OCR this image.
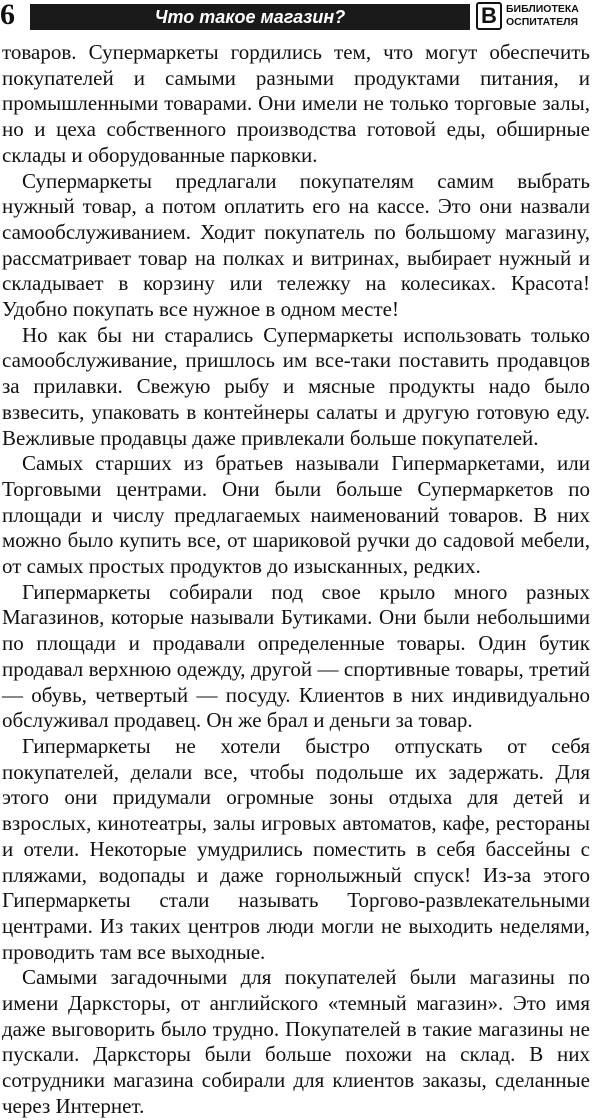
6	Что такое магазин?	B БИБЛИОТЕКА
ОСПИТАТЕЛЯ

товаров. Супермаркеты гордились тем, что могут обеспечить покупателей и самыми разными продуктами питания, и промышленными товарами. Они имели не только торговые залы, но и цеха собственного производства готовой еды, обширные склады и оборудованные парковки.

Супермаркеты предлагали покупателям самим выбрать нужный товар, а потом оплатить его на кассе. Это они назвали самообслуживанием. Ходит покупатель по большому магазину, рассматривает товар на полках и витринах, выбирает нужный и складывает в корзину или тележку на колесиках. Красота! Удобно покупать все нужное в одном месте!

Но как бы ни старались Супермаркеты использовать только самообслуживание, пришлось им все-таки поставить продавцов за прилавки. Свежую рыбу и мясные продукты надо было взвесить, упаковать в контейнеры салаты и другую готовую еду. Вежливые продавцы даже привлекали больше покупателей.

Самых старших из братьев называли Гипермаркетами, или Торговыми центрами. Они были больше Супермаркетов по площади и числу предлагаемых наименований товаров. В них можно было купить все, от шариковой ручки до садовой мебели, от самых простых продуктов до изысканных, редких.

Гипермаркеты собирали под свое крыло много разных Магазинов, которые называли Бутиками. Они были небольшими по площади и продавали определенные товары. Один бутик продавал верхнюю одежду, другой — спортивные товары, третий — обувь, четвертый — посуду. Клиентов в них индивидуально обслуживал продавец. Он же брал и деньги за товар.

Гипермаркеты не хотели быстро отпускать от себя покупателей, делали все, чтобы подольше их задержать. Для этого они придумали огромные зоны отдыха для детей и взрослых, кинотеатры, залы игровых автоматов, кафе, рестораны и отели. Некоторые умудрились поместить в себя бассейны с пляжами, водопады и даже горнолыжный спуск! Из-за этого Гипермаркеты стали называть Торгово-развлекательными центрами. Из таких центров люди могли не выходить неделями, проводить там все выходные.

Самыми загадочными для покупателей были магазины по имени Даркcторы, от английского «темный магазин». Это имя даже выговорить было трудно. Покупателей в такие магазины не пускали. Даркcторы были больше похожи на склад. В них сотрудники магазина собирали для клиентов заказы, сделанные через Интернет.
